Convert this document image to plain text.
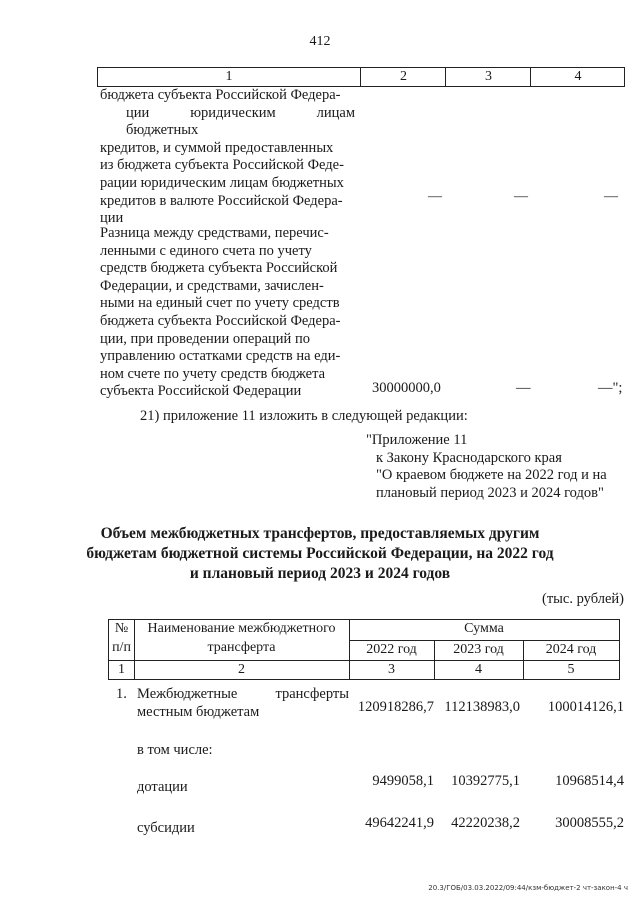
412
1	2	3	4
бюджета субъекта Российской Федера-
ции юридическим лицам бюджетных
кредитов, и суммой предоставленных
из бюджета субъекта Российской Феде-
рации юридическим лицам бюджетных
кредитов в валюте Российской Федера-
ции
—	—	—
Разница между средствами, перечис-
ленными с единого счета по учету
средств бюджета субъекта Российской
Федерации, и средствами, зачислен-
ными на единый счет по учету средств
бюджета субъекта Российской Федера-
ции, при проведении операций по
управлению остатками средств на еди-
ном счете по учету средств бюджета
субъекта Российской Федерации	30000000,0	—	—";
21) приложение 11 изложить в следующей редакции:
"Приложение 11
к Закону Краснодарского края
"О краевом бюджете на 2022 год и на
плановый период 2023 и 2024 годов"
Объем межбюджетных трансфертов, предоставляемых другим
бюджетам бюджетной системы Российской Федерации, на 2022 год
и плановый период 2023 и 2024 годов
(тыс. рублей)
№
п/п
Наименование межбюджетного
трансферта
Сумма
2022 год	2023 год	2024 год
1	2	3	4	5
1. Межбюджетные трансферты
местным бюджетам	120918286,7 112138983,0	100014126,1
в том числе:
дотации	9499058,1	10392775,1	10968514,4
субсидии	49642241,9	42220238,2	30008555,2
20.3/ГОБ/03.03.2022/09:44/кзм-бюджет-2 чт-закон-4 ч
